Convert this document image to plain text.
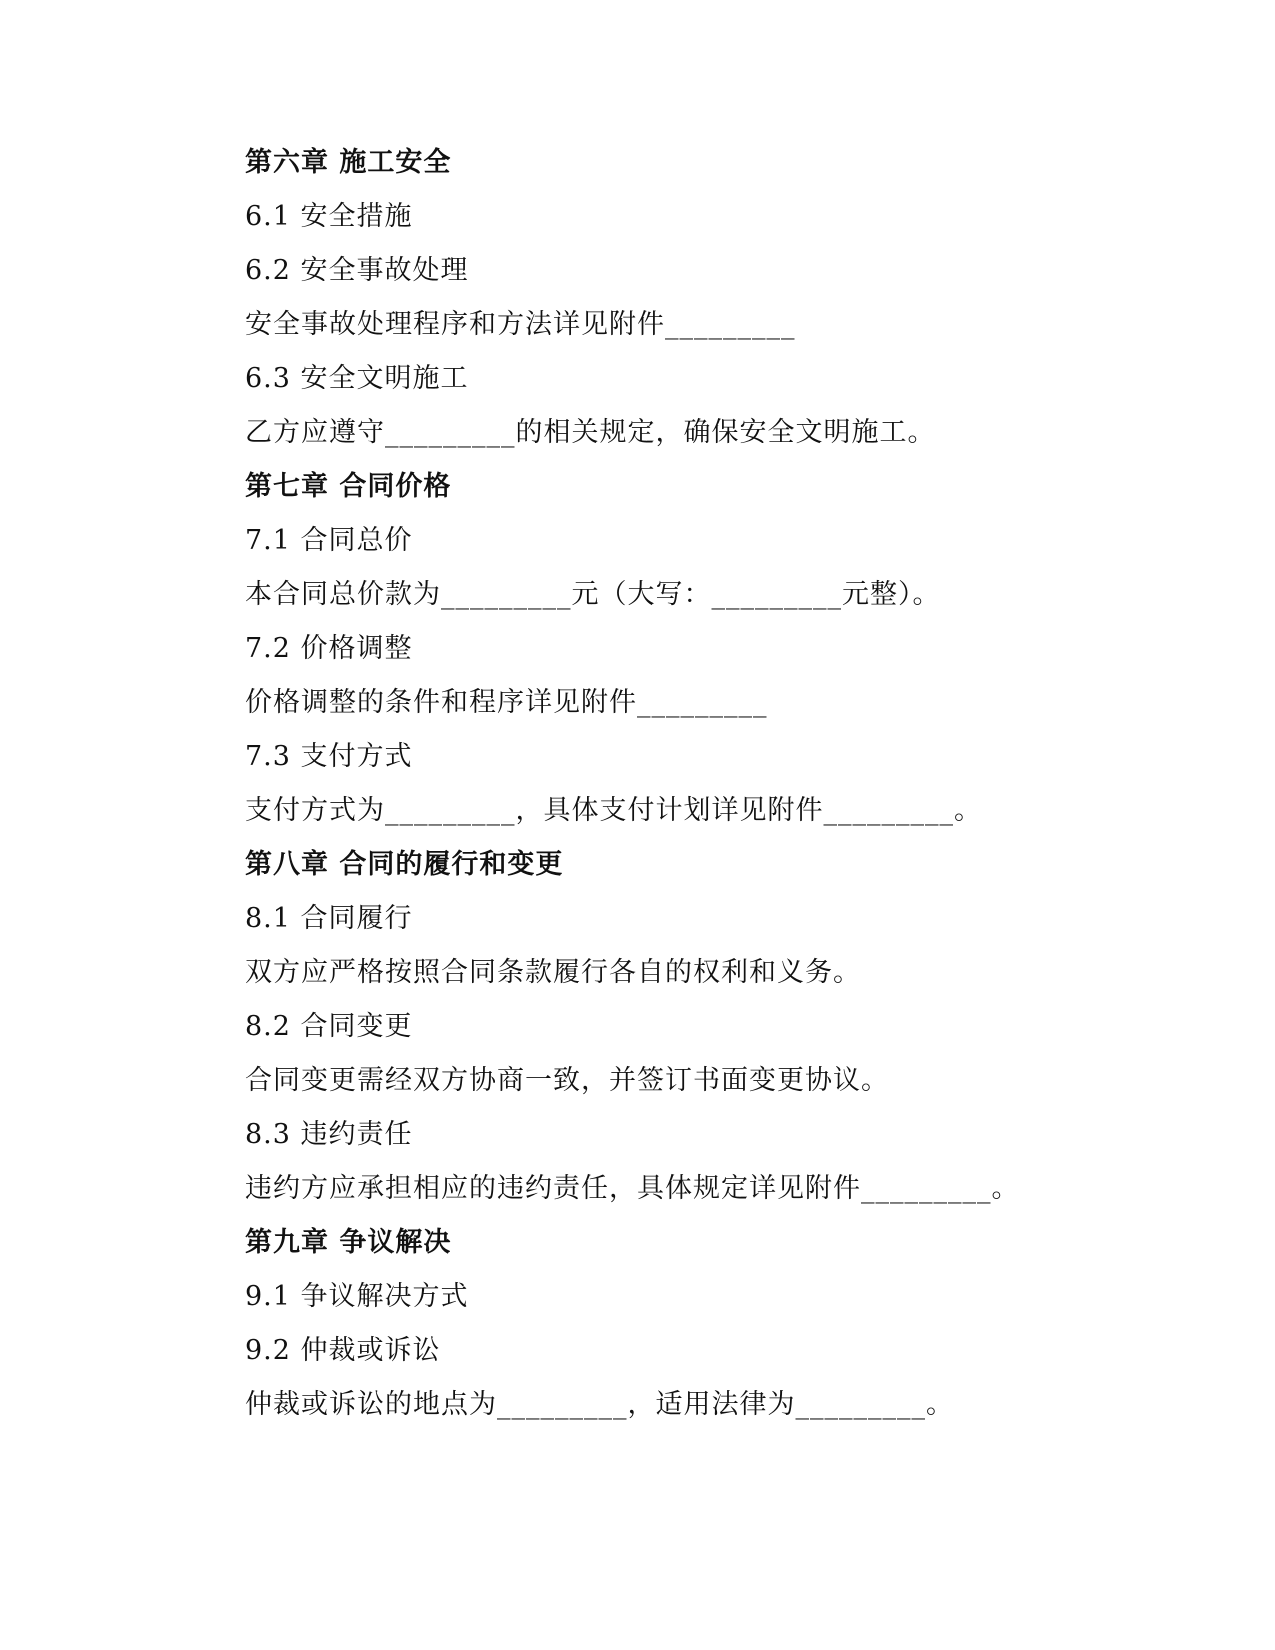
第六章 施工安全
6.1 安全措施
6.2 安全事故处理
安全事故处理程序和方法详见附件_________
6.3 安全文明施工
乙方应遵守_________的相关规定，确保安全文明施工。
第七章 合同价格
7.1 合同总价
本合同总价款为_________元（大写：_________元整）。
7.2 价格调整
价格调整的条件和程序详见附件_________
7.3 支付方式
支付方式为_________，具体支付计划详见附件_________。
第八章 合同的履行和变更
8.1 合同履行
双方应严格按照合同条款履行各自的权利和义务。
8.2 合同变更
合同变更需经双方协商一致，并签订书面变更协议。
8.3 违约责任
违约方应承担相应的违约责任，具体规定详见附件_________。
第九章 争议解决
9.1 争议解决方式
9.2 仲裁或诉讼
仲裁或诉讼的地点为_________，适用法律为_________。
